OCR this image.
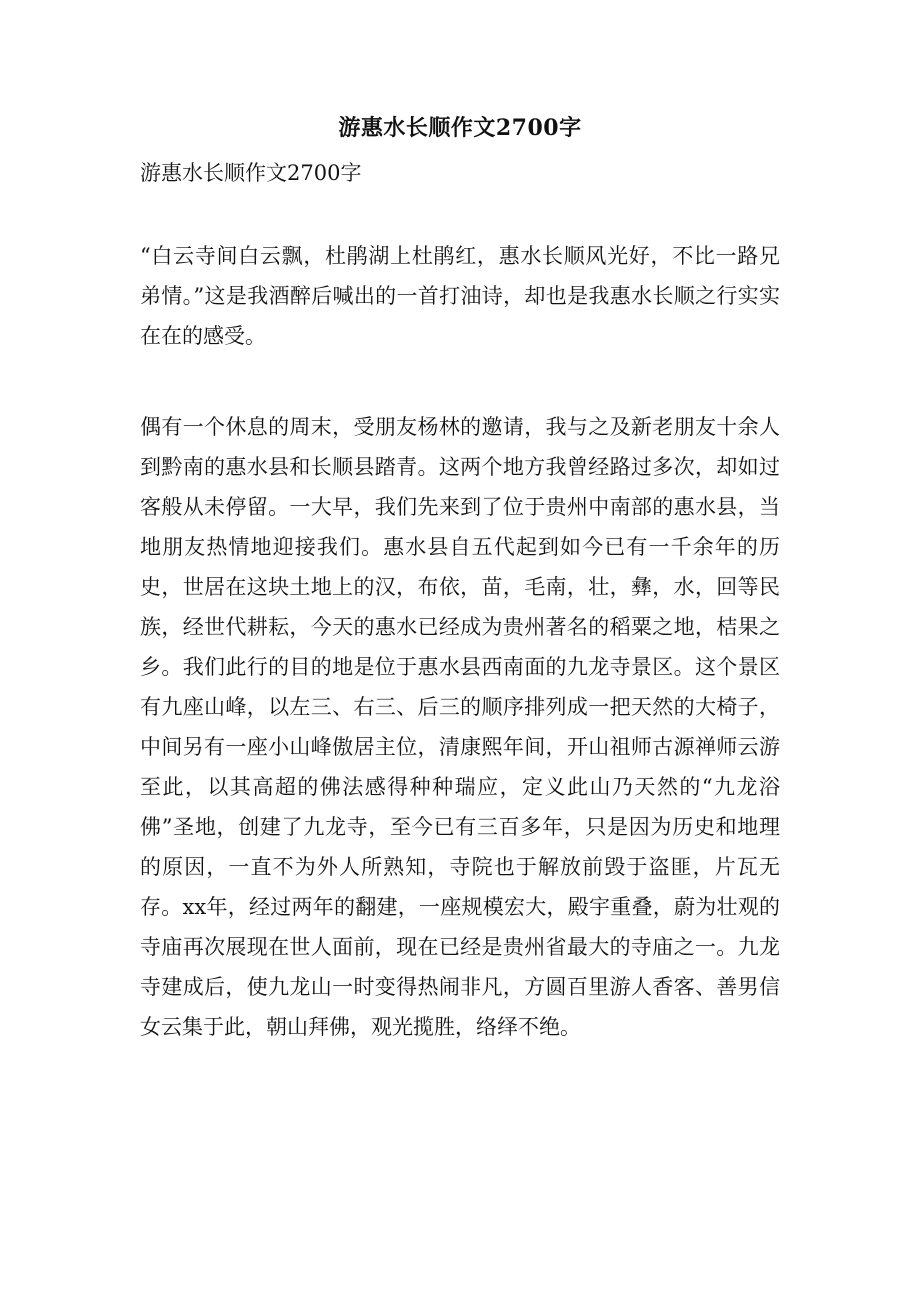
游惠水长顺作文2700字
游惠水长顺作文2700字

“白云寺间白云飘，杜鹃湖上杜鹃红，惠水长顺风光好，不比一路兄弟情。”这是我酒醉后喊出的一首打油诗，却也是我惠水长顺之行实实在在的感受。

偶有一个休息的周末，受朋友杨林的邀请，我与之及新老朋友十余人到黔南的惠水县和长顺县踏青。这两个地方我曾经路过多次，却如过客般从未停留。一大早，我们先来到了位于贵州中南部的惠水县，当地朋友热情地迎接我们。惠水县自五代起到如今已有一千余年的历史，世居在这块土地上的汉，布依，苗，毛南，壮，彝，水，回等民族，经世代耕耘，今天的惠水已经成为贵州著名的稻粟之地，桔果之乡。我们此行的目的地是位于惠水县西南面的九龙寺景区。这个景区有九座山峰，以左三、右三、后三的顺序排列成一把天然的大椅子，中间另有一座小山峰傲居主位，清康熙年间，开山祖师古源禅师云游至此，以其高超的佛法感得种种瑞应，定义此山乃天然的“九龙浴佛”圣地，创建了九龙寺，至今已有三百多年，只是因为历史和地理的原因，一直不为外人所熟知，寺院也于解放前毁于盗匪，片瓦无存。xx年，经过两年的翻建，一座规模宏大，殿宇重叠，蔚为壮观的寺庙再次展现在世人面前，现在已经是贵州省最大的寺庙之一。九龙寺建成后，使九龙山一时变得热闹非凡，方圆百里游人香客、善男信女云集于此，朝山拜佛，观光揽胜，络绎不绝。
